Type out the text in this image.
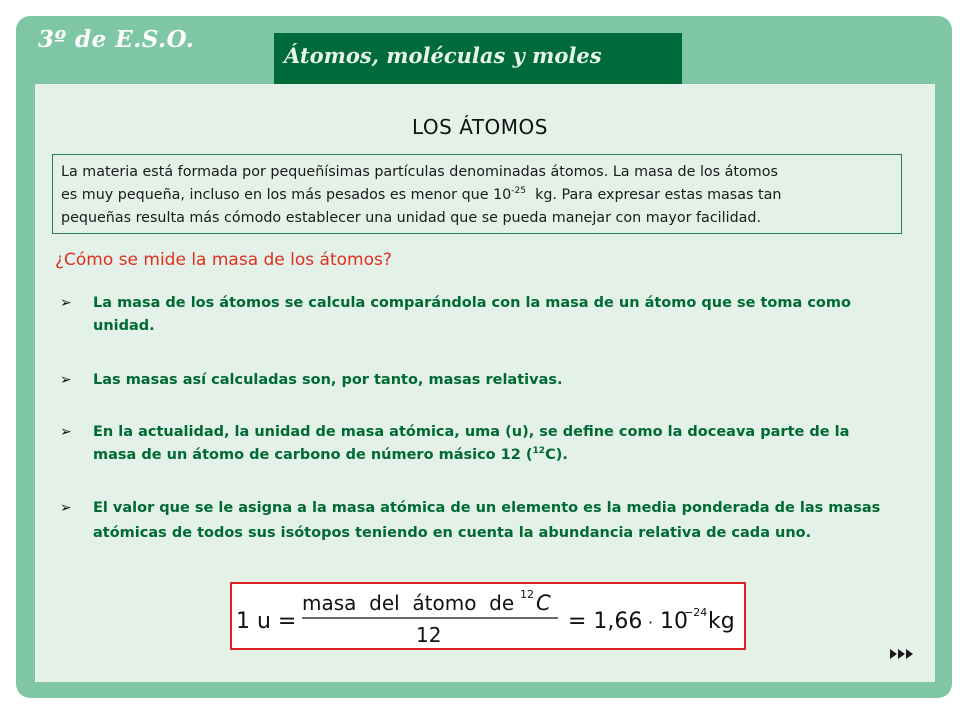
3º de E.S.O.
Átomos, moléculas y moles
LOS ÁTOMOS

La materia está formada por pequeñísimas partículas denominadas átomos. La masa de los átomos

es muy pequeña, incluso en los más pesados es menor que $10^{-25}$  kg. Para expresar estas masas tan

pequeñas resulta más cómodo establecer una unidad que se pueda manejar con mayor facilidad.

¿Cómo se mide la masa de los átomos?
➢ La masa de los átomos se calcula comparándola con la masa de un átomo que se toma como unidad.
➢ Las masas así calculadas son, por tanto, masas relativas.
➢ En la actualidad, la unidad de masa atómica, uma (u), se define como la doceava parte de la masa de un átomo de carbono de número másico 12 ($^{12}$C).
➢ El valor que se le asigna a la masa atómica de un elemento es la media ponderada de las masas atómicas de todos sus isótopos teniendo en cuenta la abundancia relativa de cada uno.
1 u =
masa  del  átomo  de 12 C
12
= 1,66 · 10
−24 kg
